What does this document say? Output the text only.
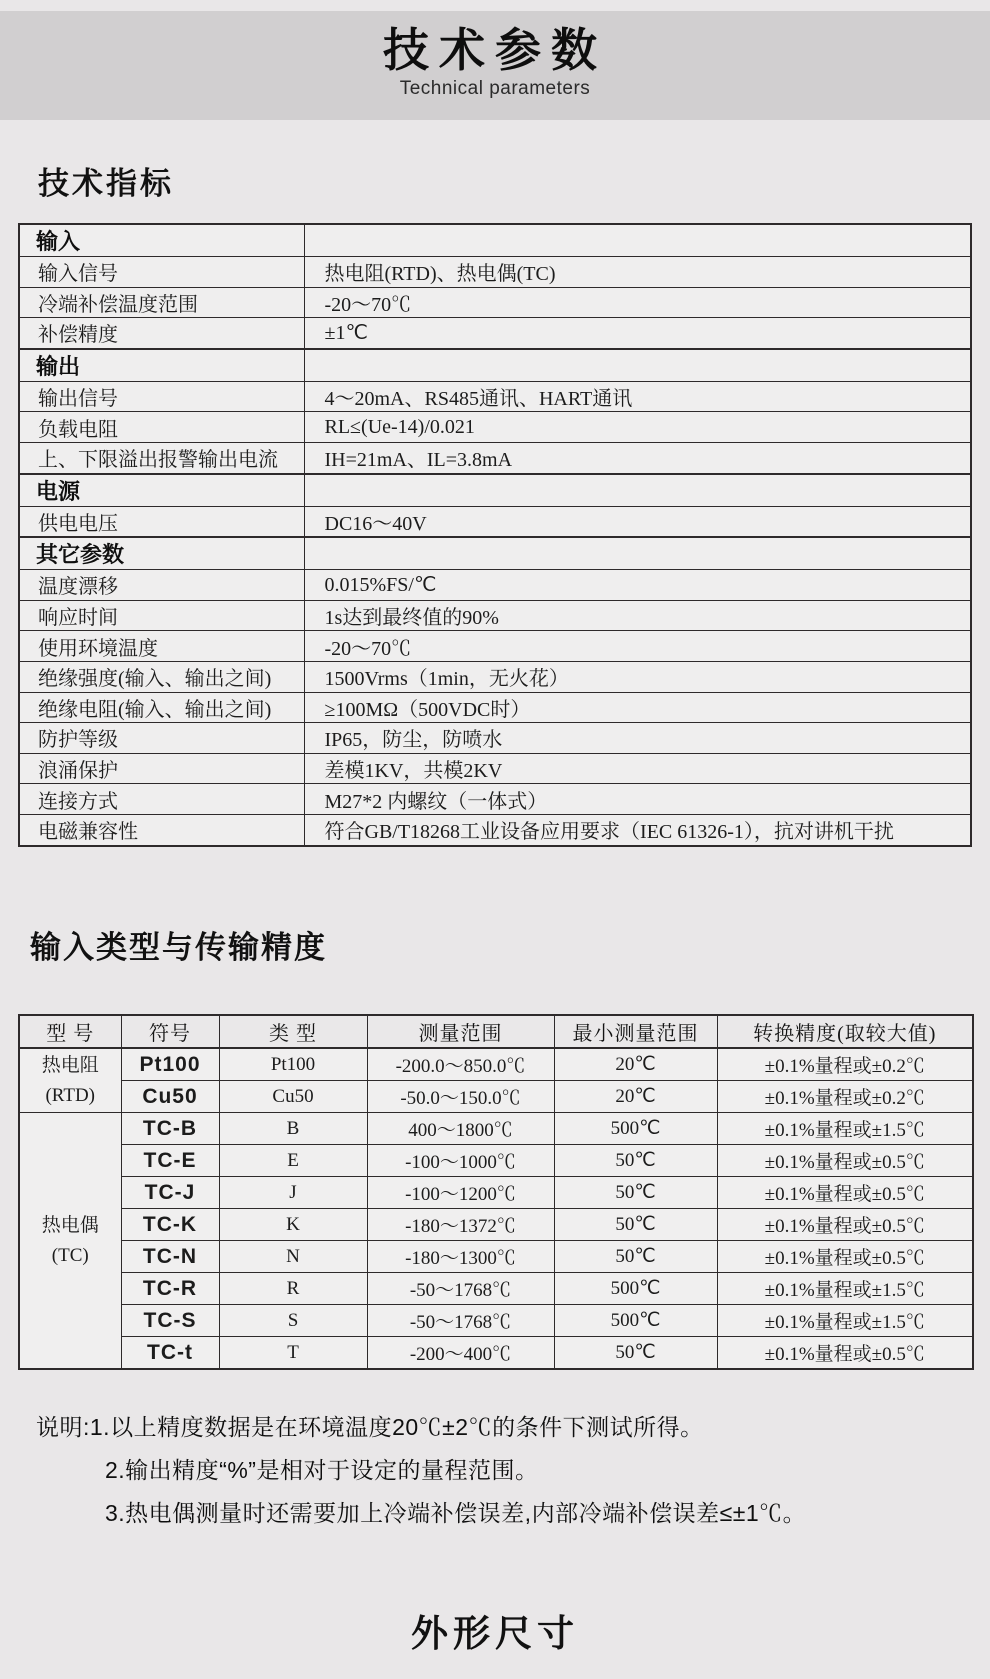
技术参数
Technical parameters
技术指标
输入	
输入信号	热电阻(RTD)、热电偶(TC)
冷端补偿温度范围	-20～70℃
补偿精度	±1℃
输出	
输出信号	4～20mA、RS485通讯、HART通讯
负载电阻	RL≤(Ue-14)/0.021
上、下限溢出报警输出电流	IH=21mA、IL=3.8mA
电源	
供电电压	DC16～40V
其它参数	
温度漂移	0.015%FS/℃
响应时间	1s达到最终值的90%
使用环境温度	-20～70℃
绝缘强度(输入、输出之间)	1500Vrms（1min，无火花）
绝缘电阻(输入、输出之间)	≥100MΩ（500VDC时）
防护等级	IP65，防尘，防喷水
浪涌保护	差模1KV，共模2KV
连接方式	M27*2 内螺纹（一体式）
电磁兼容性	符合GB/T18268工业设备应用要求（IEC 61326-1），抗对讲机干扰
输入类型与传输精度
型 号	符号	类 型	测量范围	最小测量范围	转换精度(取较大值)

热电阻
(RTD)	Pt100	Pt100	-200.0～850.0℃	20℃	±0.1%量程或±0.2℃
	Cu50	Cu50	-50.0～150.0℃	20℃	±0.1%量程或±0.2℃

热电偶
(TC)	TC-B	B	400～1800℃	500℃	±0.1%量程或±1.5℃
	TC-E	E	-100～1000℃	50℃	±0.1%量程或±0.5℃
	TC-J	J	-100～1200℃	50℃	±0.1%量程或±0.5℃
	TC-K	K	-180～1372℃	50℃	±0.1%量程或±0.5℃
	TC-N	N	-180～1300℃	50℃	±0.1%量程或±0.5℃
	TC-R	R	-50～1768℃	500℃	±0.1%量程或±1.5℃
	TC-S	S	-50～1768℃	500℃	±0.1%量程或±1.5℃
	TC-t	T	-200～400℃	50℃	±0.1%量程或±0.5℃
说明:1.以上精度数据是在环境温度20℃±2℃的条件下测试所得。
2.输出精度“%”是相对于设定的量程范围。
3.热电偶测量时还需要加上冷端补偿误差,内部冷端补偿误差≤±1℃。
外形尺寸
